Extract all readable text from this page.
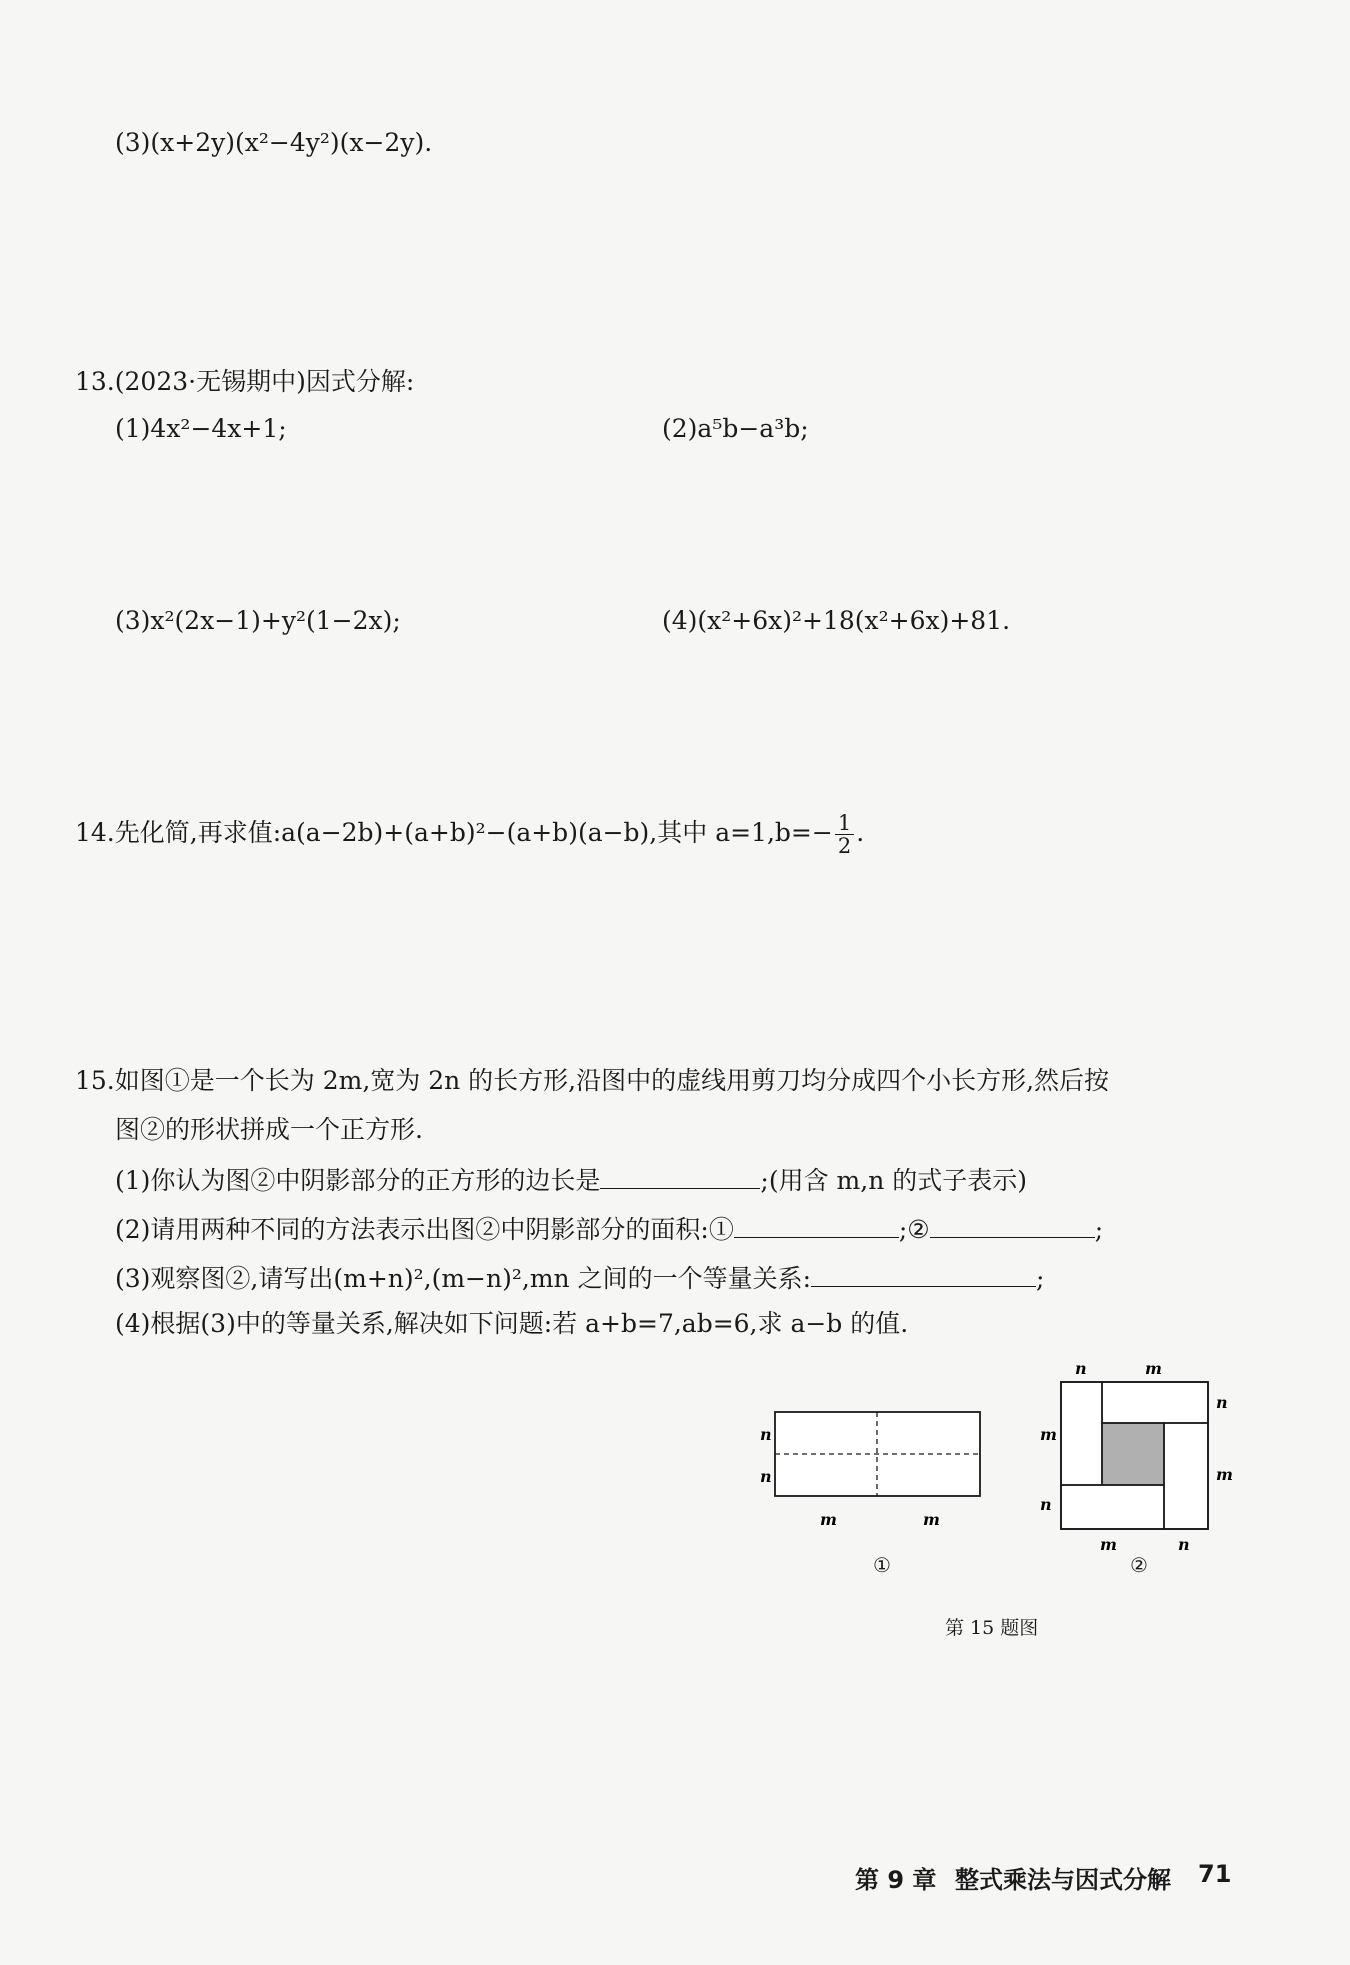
(3)(x+2y)(x²−4y²)(x−2y).
13.(2023·无锡期中)因式分解:
(1)4x²−4x+1;	(2)a⁵b−a³b;
(3)x²(2x−1)+y²(1−2x);	(4)(x²+6x)²+18(x²+6x)+81.
14.先化简,再求值:a(a−2b)+(a+b)²−(a+b)(a−b),其中 $a=1,b=- \frac{1}{2}$ .
15.如图①是一个长为 2m,宽为 2n 的长方形,沿图中的虚线用剪刀均分成四个小长方形,然后按
图②的形状拼成一个正方形.
(1)你认为图②中阴影部分的正方形的边长是	;(用含 m,n 的式子表示)
(2)请用两种不同的方法表示出图②中阴影部分的面积:①	;②	;
(3)观察图②,请写出(m+n)²,(m−n)²,mn 之间的一个等量关系:	;
(4)根据(3)中的等量关系,解决如下问题:若 a+b=7,ab=6,求 a−b 的值.
n
n
m	m
n	m
n
m
m
n
m	n
①	②
第 15 题图
第 9 章 整式乘法与因式分解 71
